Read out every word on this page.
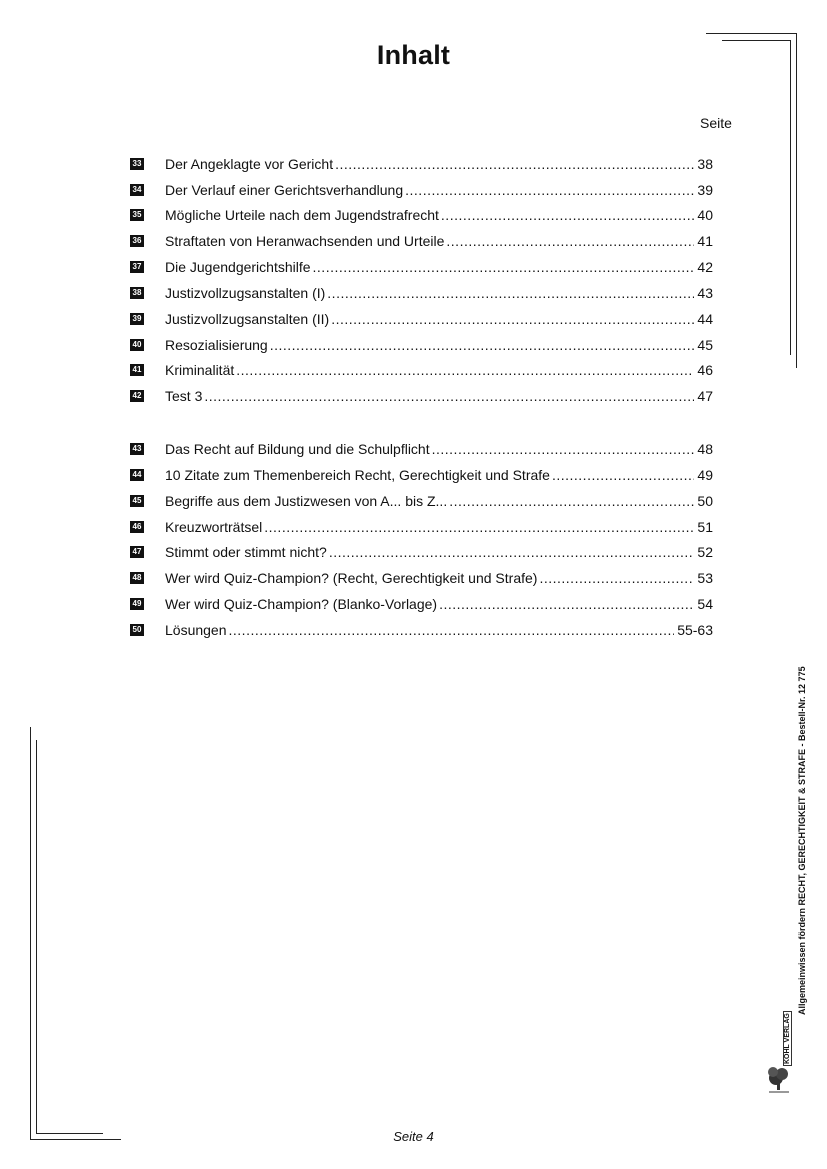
Inhalt
Seite
33 Der Angeklagte vor Gericht .....	38
34 Der Verlauf einer Gerichtsverhandlung .....	39
35 Mögliche Urteile nach dem Jugendstrafrecht .....	40
36 Straftaten von Heranwachsenden und Urteile .....	41
37 Die Jugendgerichtshilfe .....	42
38 Justizvollzugsanstalten (I) .....	43
39 Justizvollzugsanstalten (II) .....	44
40 Resozialisierung .....	45
41 Kriminalität .....	46
42 Test 3 .....	47
43 Das Recht auf Bildung und die Schulpflicht .....	48
44 10 Zitate zum Themenbereich Recht, Gerechtigkeit und Strafe .....	49
45 Begriffe aus dem Justizwesen von A... bis Z... .....	50
46 Kreuzworträtsel .....	51
47 Stimmt oder stimmt nicht? .....	52
48 Wer wird Quiz-Champion? (Recht, Gerechtigkeit und Strafe) .....	53
49 Wer wird Quiz-Champion? (Blanko-Vorlage) .....	54
50 Lösungen .....	55-63
Allgemeinwissen fördern RECHT, GERECHTIGKEIT & STRAFE - Bestell-Nr. 12 775
KOHL VERLAG
Seite 4
